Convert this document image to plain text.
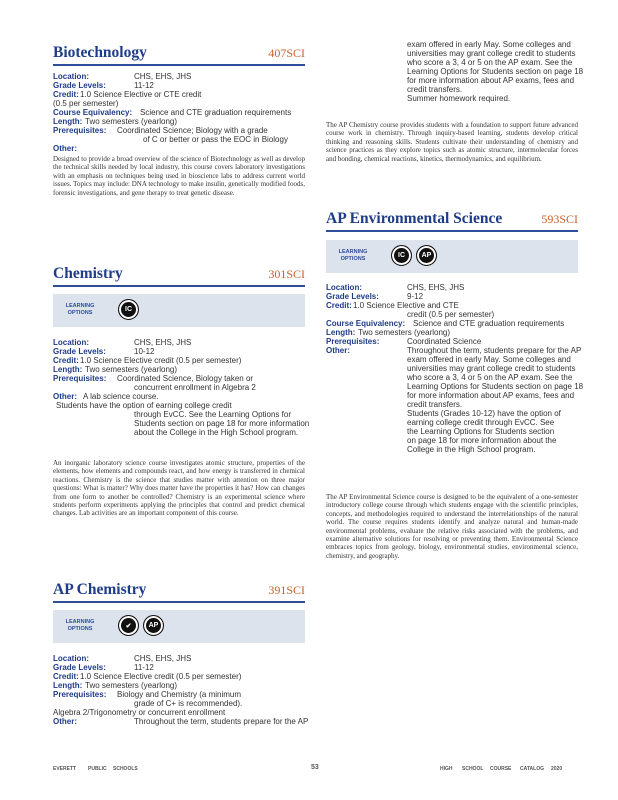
Biotechnology	407SCI
Location:	CHS, EHS, JHS
Grade Levels:	11-12
Credit: 1.0 Science Elective or CTE credit
(0.5 per semester)
Course Equivalency: Science and CTE graduation requirements
Length: Two semesters (yearlong)
Prerequisites: Coordinated Science; Biology with a grade
of C or better or pass the EOC in Biology
Other:

Designed to provide a broad overview of the science of Biotechnology as well as develop the technical skills needed by local industry, this course covers laboratory investigations with an emphasis on techniques being used in bioscience labs to address current world issues. Topics may include: DNA technology to make insulin, genetically modified foods, forensic investigations, and gene therapy to treat genetic disease.

Chemistry	301SCI
LEARNING OPTIONS	IC
Location:	CHS, EHS, JHS
Grade Levels:	10-12
Credit: 1.0 Science Elective credit (0.5 per semester)
Length: Two semesters (yearlong)
Prerequisites: Coordinated Science, Biology taken or
concurrent enrollment in Algebra 2
Other: A lab science course.
Students have the option of earning college credit
through EvCC. See the Learning Options for
Students section on page 18 for more information
about the College in the High School program.

An inorganic laboratory science course investigates atomic structure, properties of the elements, how elements and compounds react, and how energy is transferred in chemical reactions. Chemistry is the science that studies matter with attention on three major questions: What is matter? Why does matter have the properties it has? How can changes from one form to another be controlled? Chemistry is an experimental science where students perform experiments applying the principles that control and predict chemical changes. Lab activities are an important component of this course.

AP Chemistry	391SCI
LEARNING OPTIONS	✔	AP
Location:	CHS, EHS, JHS
Grade Levels:	11-12
Credit: 1.0 Science Elective credit (0.5 per semester)
Length: Two semesters (yearlong)
Prerequisites: Biology and Chemistry (a minimum
grade of C+ is recommended).
Algebra 2/Trigonometry or concurrent enrollment
Other:	Throughout the term, students prepare for the AP
exam offered in early May. Some colleges and
universities may grant college credit to students
who score a 3, 4 or 5 on the AP exam. See the
Learning Options for Students section on page 18
for more information about AP exams, fees and
credit transfers.
Summer homework required.

The AP Chemistry course provides students with a foundation to support future advanced course work in chemistry. Through inquiry-based learning, students develop critical thinking and reasoning skills. Students cultivate their understanding of chemistry and science practices as they explore topics such as atomic structure, intermolecular forces and bonding, chemical reactions, kinetics, thermodynamics, and equilibrium.

AP Environmental Science	593SCI
LEARNING OPTIONS	IC	AP
Location:	CHS, EHS, JHS
Grade Levels:	9-12
Credit: 1.0 Science Elective and CTE
credit (0.5 per semester)
Course Equivalency: Science and CTE graduation requirements
Length: Two semesters (yearlong)
Prerequisites:	Coordinated Science
Other:	Throughout the term, students prepare for the AP
exam offered in early May. Some colleges and
universities may grant college credit to students
who score a 3, 4 or 5 on the AP exam. See the
Learning Options for Students section on page 18
for more information about AP exams, fees and
credit transfers.
Students (Grades 10-12) have the option of
earning college credit through EvCC. See
the Learning Options for Students section
on page 18 for more information about the
College in the High School program.

The AP Environmental Science course is designed to be the equivalent of a one-semester introductory college course through which students engage with the scientific principles, concepts, and methodologies required to understand the interrelationships of the natural world. The course requires students identify and analyze natural and human-made environmental problems, evaluate the relative risks associated with the problems, and examine alternative solutions for resolving or preventing them. Environmental Science embraces topics from geology, biology, environmental studies, environmental science, chemistry, and geography.

EVERETT PUBLIC SCHOOLS	53	HIGH SCHOOL COURSE CATALOG 2020
